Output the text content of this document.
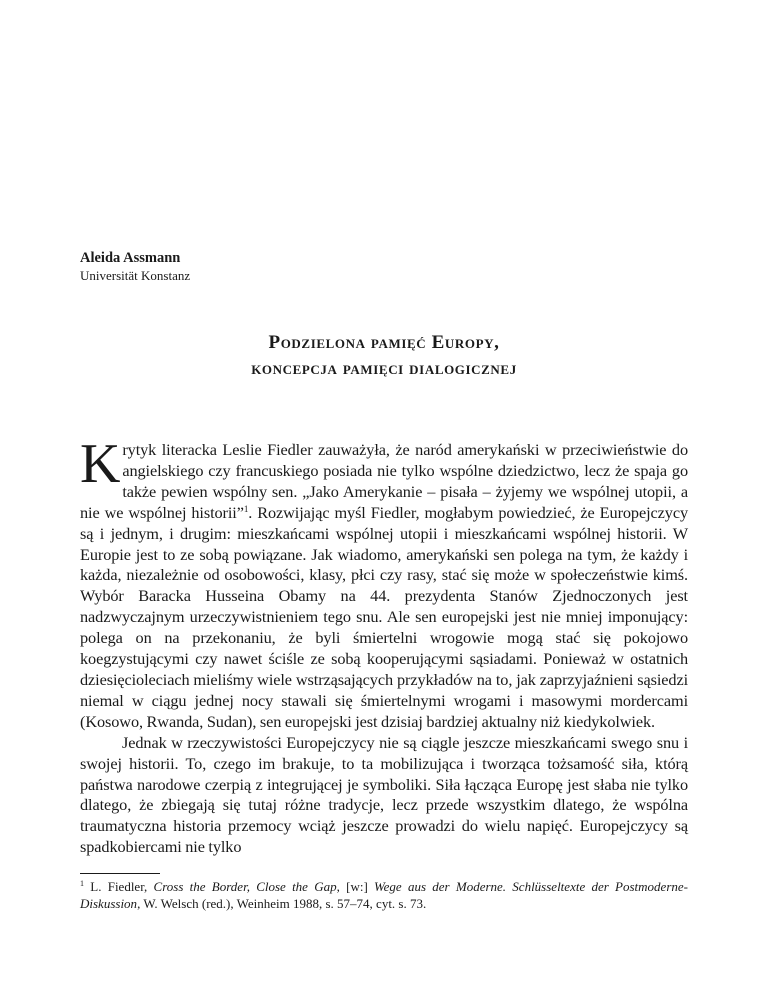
Aleida Assmann
Universität Konstanz
Podzielona pamięć Europy,
koncepcja pamięci dialogicznej

Krytyk literacka Leslie Fiedler zauważyła, że naród amerykański w przeciwieństwie do angielskiego czy francuskiego posiada nie tylko wspólne dziedzictwo, lecz że spaja go także pewien wspólny sen. „Jako Amerykanie – pisała – żyjemy we wspólnej utopii, a nie we wspólnej historii”$^1$. Rozwijając myśl Fiedler, mogłabym powiedzieć, że Europejczycy są i jednym, i drugim: mieszkańcami wspólnej utopii i mieszkańcami wspólnej historii. W Europie jest to ze sobą powiązane. Jak wiadomo, amerykański sen polega na tym, że każdy i każda, niezależnie od osobowości, klasy, płci czy rasy, stać się może w społeczeństwie kimś. Wybór Baracka Husseina Obamy na 44. prezydenta Stanów Zjednoczonych jest nadzwyczajnym urzeczywistnieniem tego snu. Ale sen europejski jest nie mniej imponujący: polega on na przekonaniu, że byli śmiertelni wrogowie mogą stać się pokojowo koegzystującymi czy nawet ściśle ze sobą kooperującymi sąsiadami. Ponieważ w ostatnich dziesięcioleciach mieliśmy wiele wstrząsających przykładów na to, jak zaprzyjaźnieni sąsiedzi niemal w ciągu jednej nocy stawali się śmiertelnymi wrogami i masowymi mordercami (Kosowo, Rwanda, Sudan), sen europejski jest dzisiaj bardziej aktualny niż kiedykolwiek.

Jednak w rzeczywistości Europejczycy nie są ciągle jeszcze mieszkańcami swego snu i swojej historii. To, czego im brakuje, to ta mobilizująca i tworząca tożsamość siła, którą państwa narodowe czerpią z integrującej je symboliki. Siła łącząca Europę jest słaba nie tylko dlatego, że zbiegają się tutaj różne tradycje, lecz przede wszystkim dlatego, że wspólna traumatyczna historia przemocy wciąż jeszcze prowadzi do wielu napięć. Europejczycy są spadkobiercami nie tylko

$^1$ L. Fiedler, Cross the Border, Close the Gap, [w:] Wege aus der Moderne. Schlüsseltexte der Postmoderne-Diskussion, W. Welsch (red.), Weinheim 1988, s. 57–74, cyt. s. 73.
